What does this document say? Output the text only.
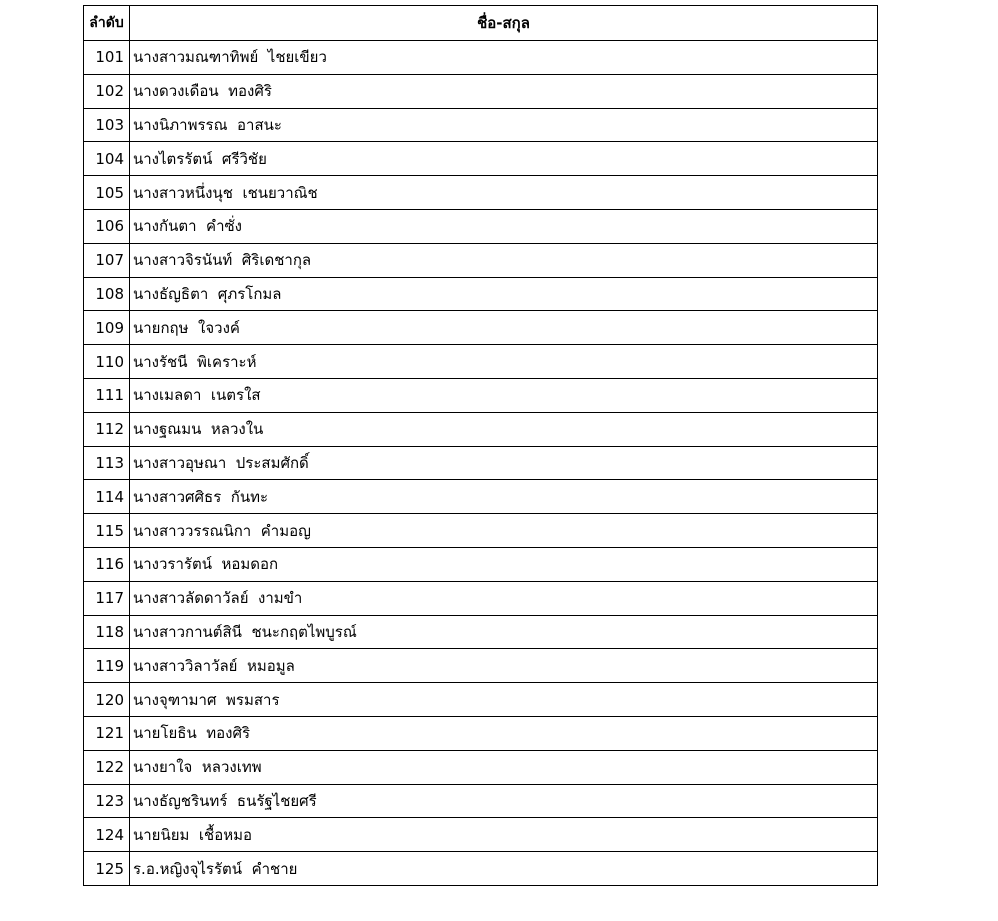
ลำดับ	ชื่อ-สกุล
101	นางสาวมณฑาทิพย์  ไชยเขียว
102	นางดวงเดือน  ทองศิริ
103	นางนิภาพรรณ  อาสนะ
104	นางไตรรัตน์  ศรีวิชัย
105	นางสาวหนึ่งนุช  เชนยวาณิช
106	นางกันตา  คำซั่ง
107	นางสาวจิรนันท์  ศิริเดชากุล
108	นางธัญธิตา  ศุภรโกมล
109	นายกฤษ  ใจวงค์
110	นางรัชนี  พิเคราะห์
111	นางเมลดา  เนตรใส
112	นางฐณมน  หลวงใน
113	นางสาวอุษณา  ประสมศักดิ์
114	นางสาวศศิธร  กันทะ
115	นางสาววรรณนิกา  คำมอญ
116	นางวรารัตน์  หอมดอก
117	นางสาวลัดดาวัลย์  งามขำ
118	นางสาวกานต์สินี  ชนะกฤตไพบูรณ์
119	นางสาววิลาวัลย์  หมอมูล
120	นางจุฑามาศ  พรมสาร
121	นายโยธิน  ทองศิริ
122	นางยาใจ  หลวงเทพ
123	นางธัญชรินทร์  ธนรัฐไชยศรี
124	นายนิยม  เชื้อหมอ
125	ร.อ.หญิงจุไรรัตน์  คำชาย
